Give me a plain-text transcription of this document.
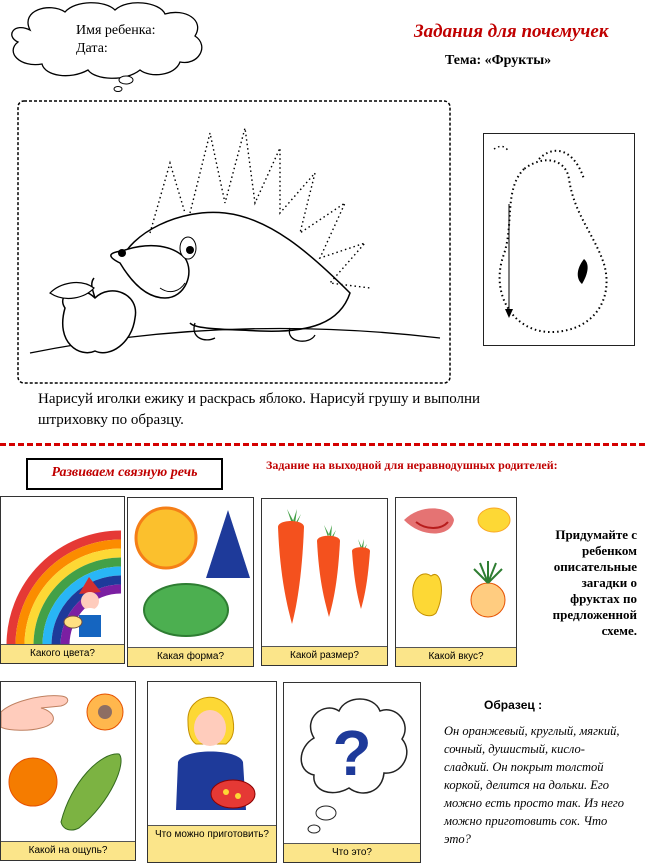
Имя ребенка:
Дата:
Задания для почемучек
Тема: «Фрукты»
Нарисуй иголки ежику и раскрась яблоко. Нарисуй грушу и выполни штриховку по образцу.
Развиваем связную речь	Задание на выходной для неравнодушных родителей:
Какого цвета?	Какая форма?	Какой размер?	Какой вкус?
Придумайте с ребенком описательные загадки о фруктах по предложенной схеме.
Какой на ощупь?
Что можно приготовить?
?
Что это?
Образец :
Он оранжевый, круглый, мягкий, сочный, душистый, кисло-сладкий. Он покрыт толстой коркой, делится на дольки. Его можно есть просто так. Из него можно приготовить сок. Что это?
